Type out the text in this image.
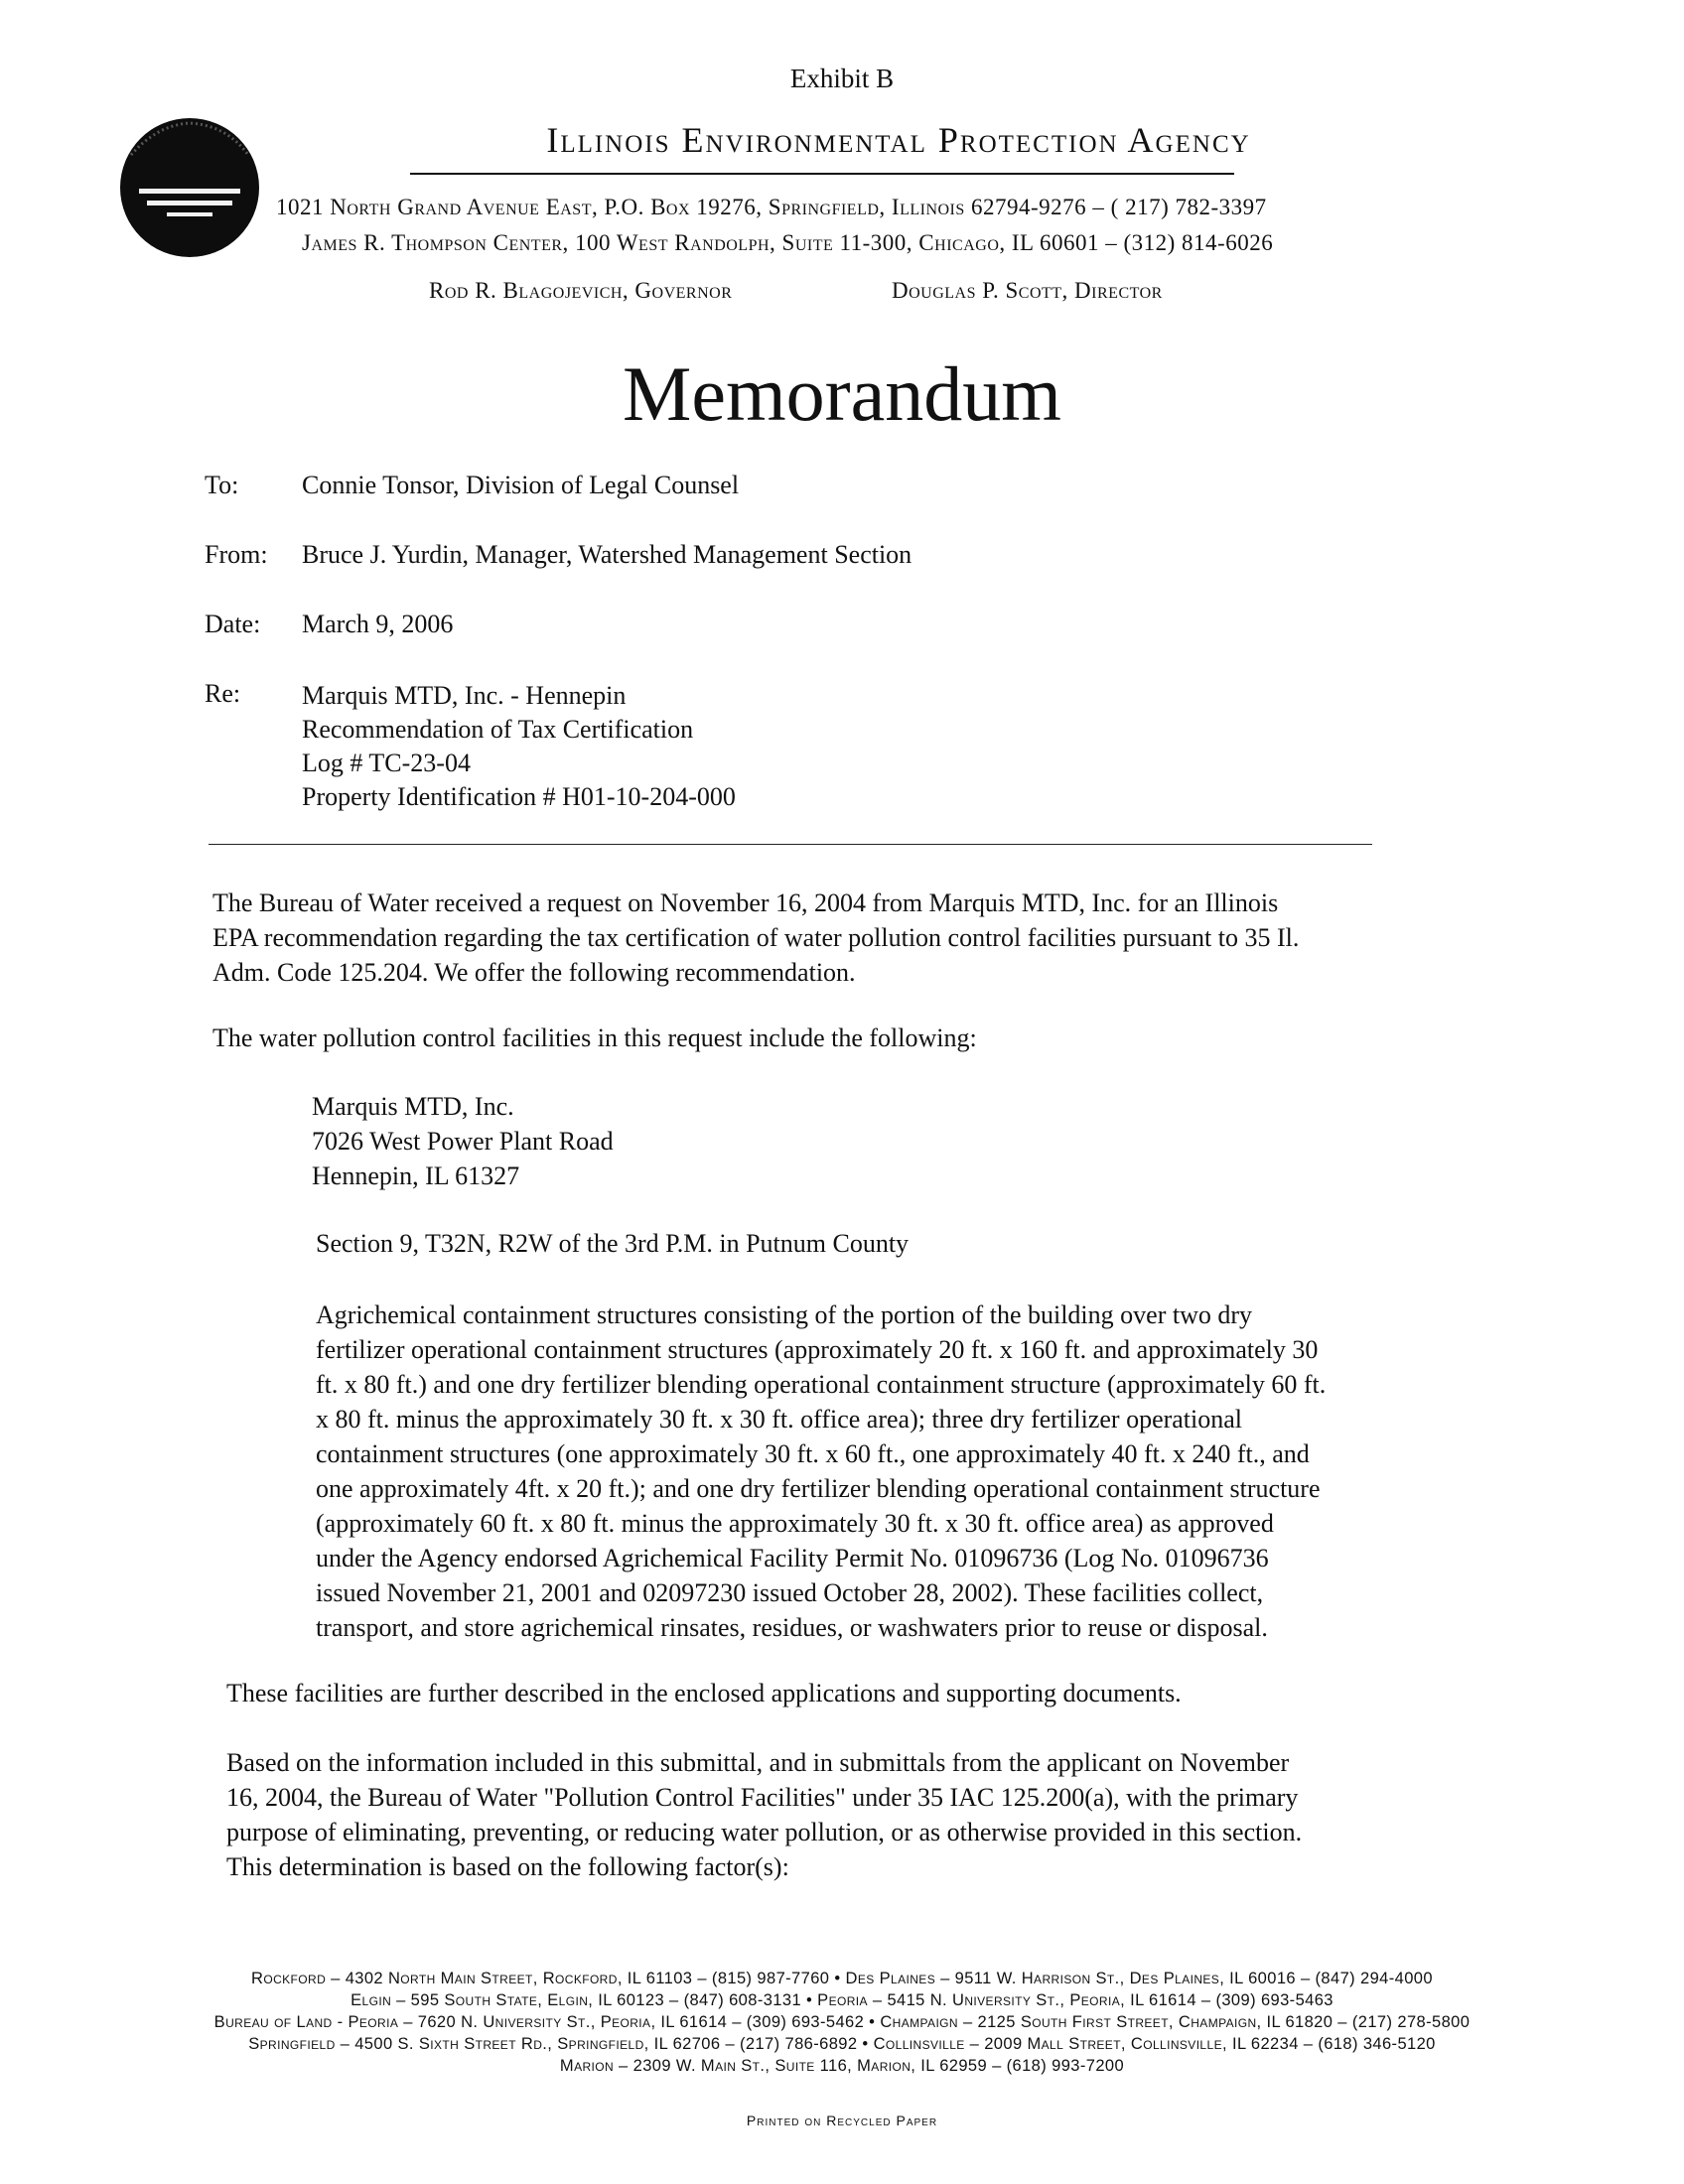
Exhibit B
Illinois Environmental Protection Agency
1021 North Grand Avenue East, P.O. Box 19276, Springfield, Illinois 62794-9276 – ( 217) 782-3397
James R. Thompson Center, 100 West Randolph, Suite 11-300, Chicago, IL 60601 – (312) 814-6026
Rod R. Blagojevich, Governor	Douglas P. Scott, Director
Memorandum
To: Connie Tonsor, Division of Legal Counsel
From: Bruce J. Yurdin, Manager, Watershed Management Section
Date: March 9, 2006
Re: Marquis MTD, Inc. - Hennepin
Recommendation of Tax Certification
Log # TC-23-04
Property Identification # H01-10-204-000
The Bureau of Water received a request on November 16, 2004 from Marquis MTD, Inc. for an Illinois
EPA recommendation regarding the tax certification of water pollution control facilities pursuant to 35 Il.
Adm. Code 125.204. We offer the following recommendation.
The water pollution control facilities in this request include the following:
Marquis MTD, Inc.
7026 West Power Plant Road
Hennepin, IL 61327
Section 9, T32N, R2W of the 3rd P.M. in Putnum County
Agrichemical containment structures consisting of the portion of the building over two dry
fertilizer operational containment structures (approximately 20 ft. x 160 ft. and approximately 30
ft. x 80 ft.) and one dry fertilizer blending operational containment structure (approximately 60 ft.
x 80 ft. minus the approximately 30 ft. x 30 ft. office area); three dry fertilizer operational
containment structures (one approximately 30 ft. x 60 ft., one approximately 40 ft. x 240 ft., and
one approximately 4ft. x 20 ft.); and one dry fertilizer blending operational containment structure
(approximately 60 ft. x 80 ft. minus the approximately 30 ft. x 30 ft. office area) as approved
under the Agency endorsed Agrichemical Facility Permit No. 01096736 (Log No. 01096736
issued November 21, 2001 and 02097230 issued October 28, 2002). These facilities collect,
transport, and store agrichemical rinsates, residues, or washwaters prior to reuse or disposal.
These facilities are further described in the enclosed applications and supporting documents.
Based on the information included in this submittal, and in submittals from the applicant on November
16, 2004, the Bureau of Water "Pollution Control Facilities" under 35 IAC 125.200(a), with the primary
purpose of eliminating, preventing, or reducing water pollution, or as otherwise provided in this section.
This determination is based on the following factor(s):
Rockford – 4302 North Main Street, Rockford, IL 61103 – (815) 987-7760 • Des Plaines – 9511 W. Harrison St., Des Plaines, IL 60016 – (847) 294-4000
Elgin – 595 South State, Elgin, IL 60123 – (847) 608-3131 • Peoria – 5415 N. University St., Peoria, IL 61614 – (309) 693-5463
Bureau of Land - Peoria – 7620 N. University St., Peoria, IL 61614 – (309) 693-5462 • Champaign – 2125 South First Street, Champaign, IL 61820 – (217) 278-5800
Springfield – 4500 S. Sixth Street Rd., Springfield, IL 62706 – (217) 786-6892 • Collinsville – 2009 Mall Street, Collinsville, IL 62234 – (618) 346-5120
Marion – 2309 W. Main St., Suite 116, Marion, IL 62959 – (618) 993-7200
Printed on Recycled Paper
